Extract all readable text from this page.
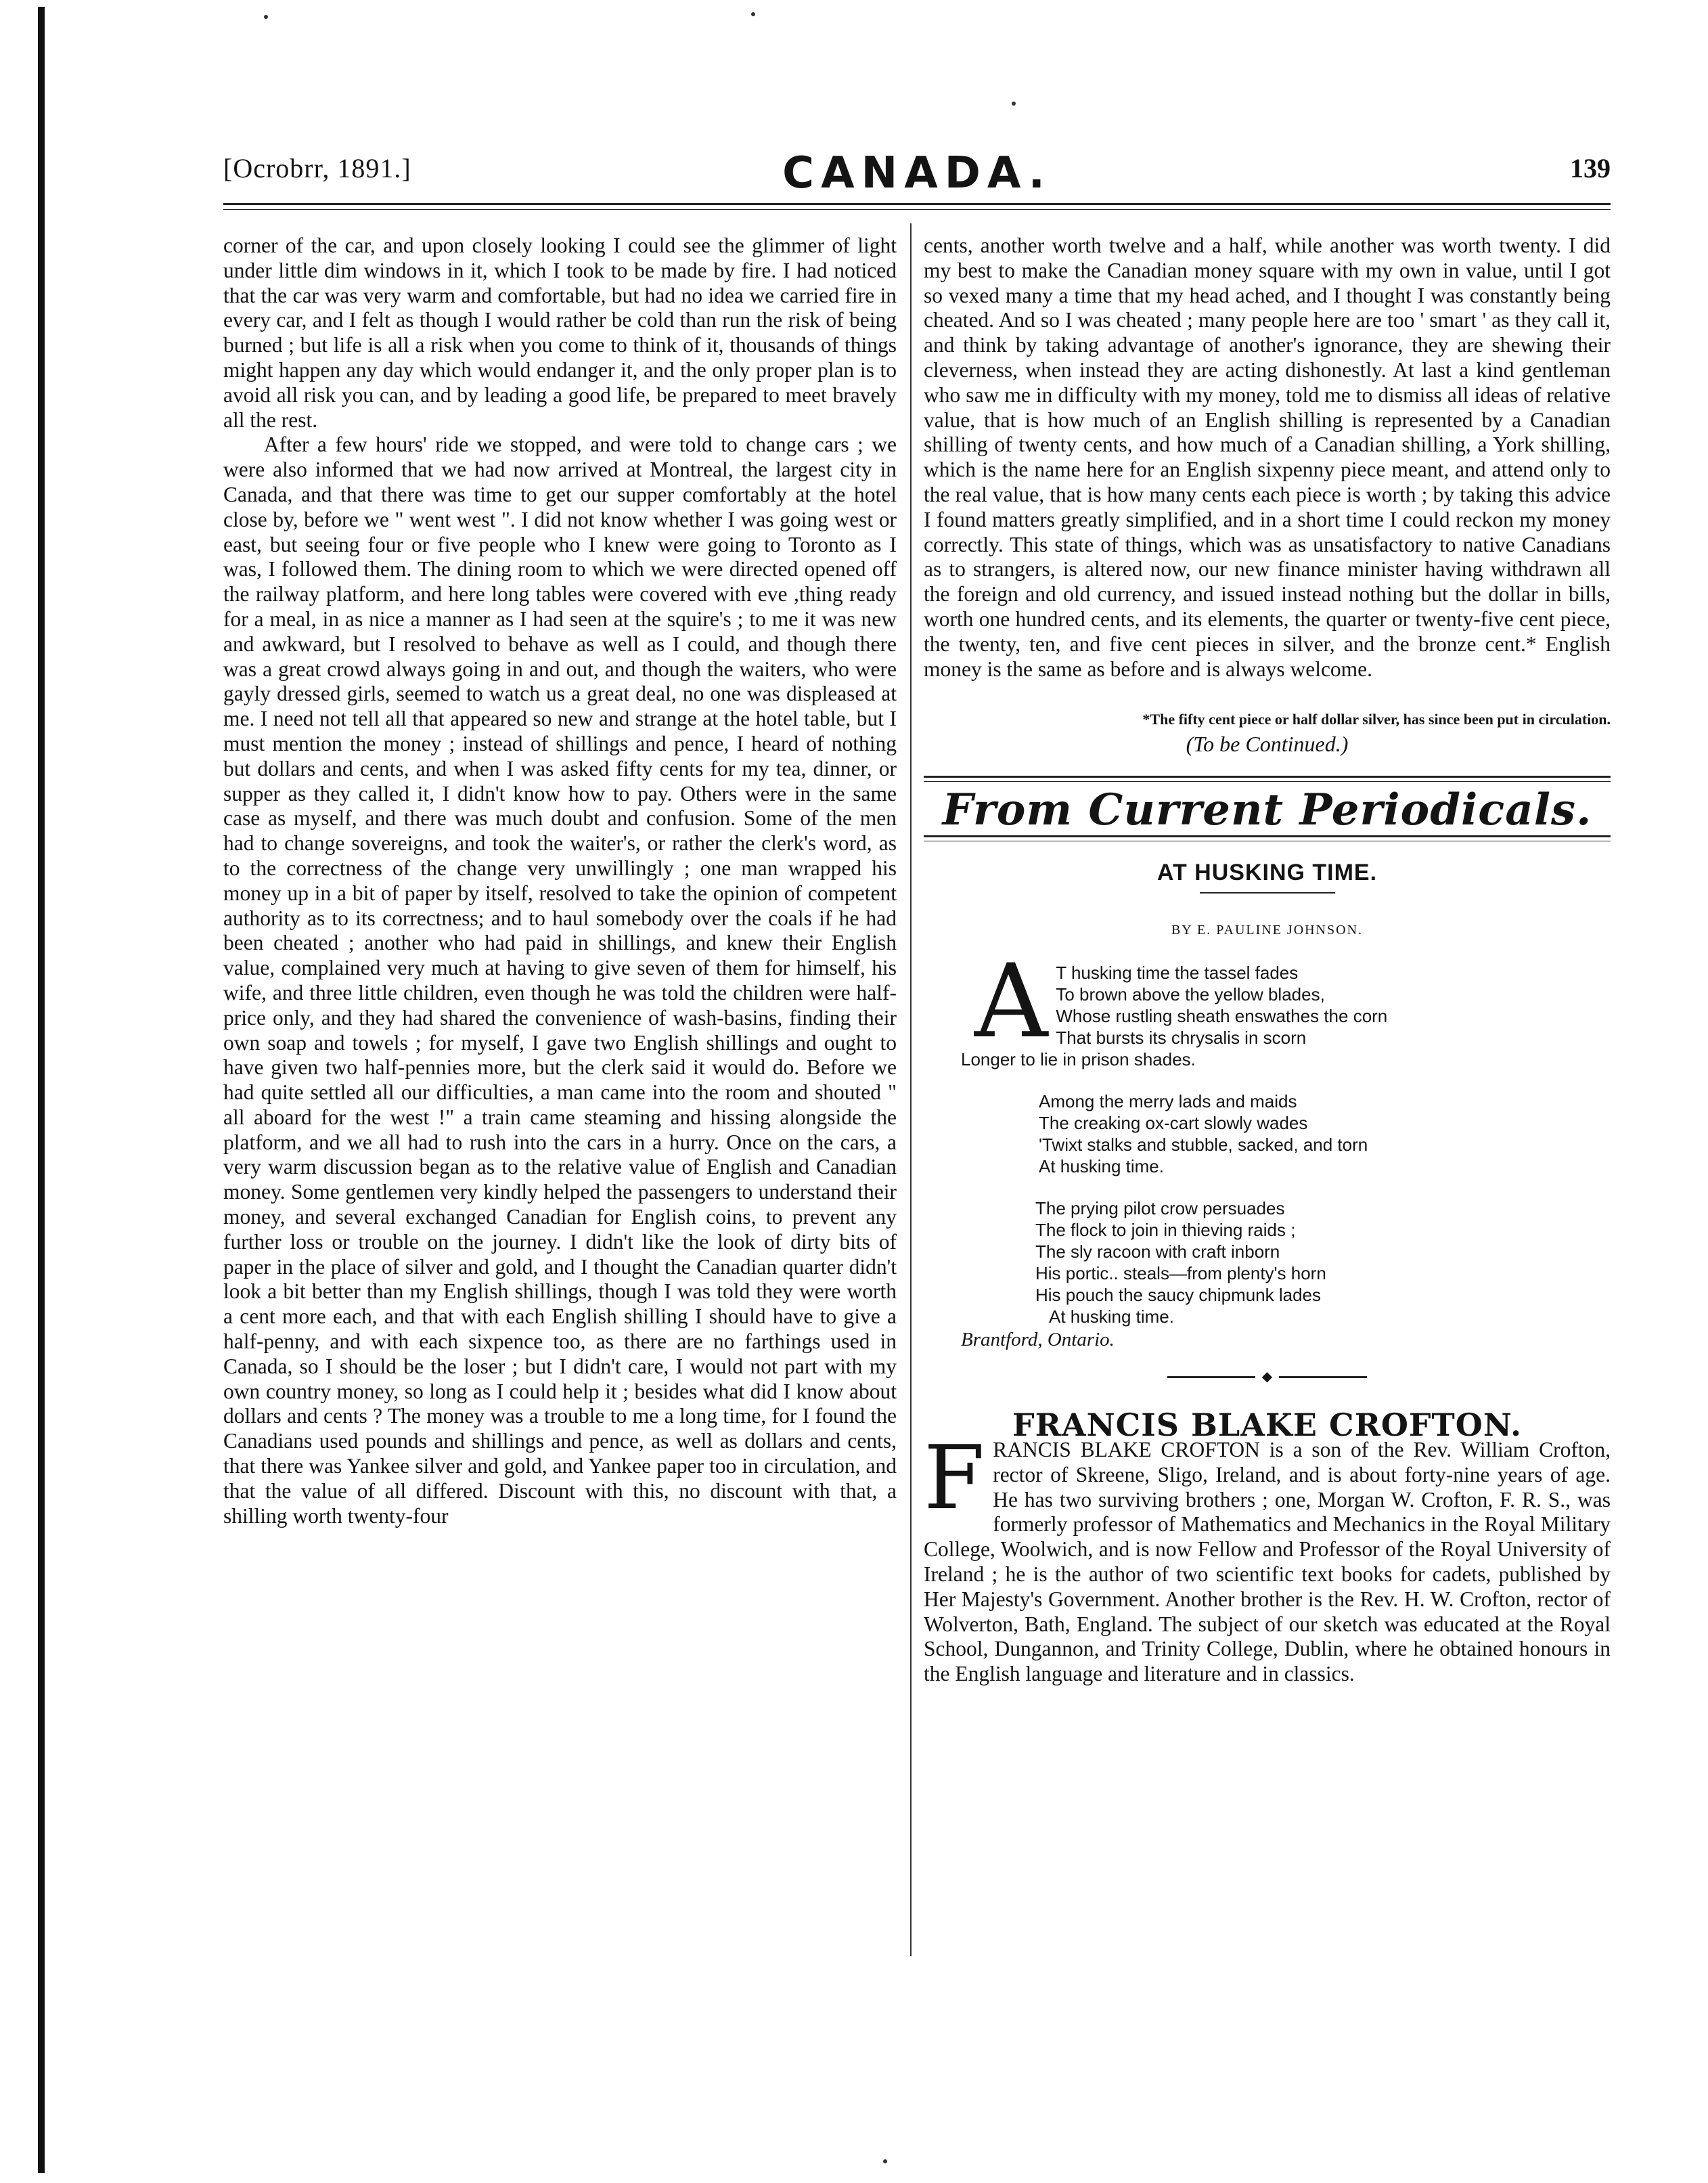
[Ocrobrr, 1891.]	CANADA.	139

corner of the car, and upon closely looking I could see the glimmer of light under little dim windows in it, which I took to be made by fire. I had noticed that the car was very warm and comfortable, but had no idea we carried fire in every car, and I felt as though I would rather be cold than run the risk of being burned ; but life is all a risk when you come to think of it, thousands of things might happen any day which would endanger it, and the only proper plan is to avoid all risk you can, and by leading a good life, be prepared to meet bravely all the rest.

After a few hours' ride we stopped, and were told to change cars ; we were also informed that we had now arrived at Montreal, the largest city in Canada, and that there was time to get our supper comfortably at the hotel close by, before we " went west ". I did not know whether I was going west or east, but seeing four or five people who I knew were going to Toronto as I was, I followed them. The dining room to which we were directed opened off the railway platform, and here long tables were covered with eve ,thing ready for a meal, in as nice a manner as I had seen at the squire's ; to me it was new and awkward, but I resolved to behave as well as I could, and though there was a great crowd always going in and out, and though the waiters, who were gayly dressed girls, seemed to watch us a great deal, no one was displeased at me. I need not tell all that appeared so new and strange at the hotel table, but I must mention the money ; instead of shillings and pence, I heard of nothing but dollars and cents, and when I was asked fifty cents for my tea, dinner, or supper as they called it, I didn't know how to pay. Others were in the same case as myself, and there was much doubt and confusion. Some of the men had to change sovereigns, and took the waiter's, or rather the clerk's word, as to the correctness of the change very unwillingly ; one man wrapped his money up in a bit of paper by itself, resolved to take the opinion of competent authority as to its correctness; and to haul somebody over the coals if he had been cheated ; another who had paid in shillings, and knew their English value, complained very much at having to give seven of them for himself, his wife, and three little children, even though he was told the children were half-price only, and they had shared the convenience of wash-basins, finding their own soap and towels ; for myself, I gave two English shillings and ought to have given two half-pennies more, but the clerk said it would do. Before we had quite settled all our difficulties, a man came into the room and shouted " all aboard for the west !" a train came steaming and hissing alongside the platform, and we all had to rush into the cars in a hurry. Once on the cars, a very warm discussion began as to the relative value of English and Canadian money. Some gentlemen very kindly helped the passengers to understand their money, and several exchanged Canadian for English coins, to prevent any further loss or trouble on the journey. I didn't like the look of dirty bits of paper in the place of silver and gold, and I thought the Canadian quarter didn't look a bit better than my English shillings, though I was told they were worth a cent more each, and that with each English shilling I should have to give a half-penny, and with each sixpence too, as there are no farthings used in Canada, so I should be the loser ; but I didn't care, I would not part with my own country money, so long as I could help it ; besides what did I know about dollars and cents ? The money was a trouble to me a long time, for I found the Canadians used pounds and shillings and pence, as well as dollars and cents, that there was Yankee silver and gold, and Yankee paper too in circulation, and that the value of all differed. Discount with this, no discount with that, a shilling worth twenty-four

cents, another worth twelve and a half, while another was worth twenty. I did my best to make the Canadian money square with my own in value, until I got so vexed many a time that my head ached, and I thought I was constantly being cheated. And so I was cheated ; many people here are too ' smart ' as they call it, and think by taking advantage of another's ignorance, they are shewing their cleverness, when instead they are acting dishonestly. At last a kind gentleman who saw me in difficulty with my money, told me to dismiss all ideas of relative value, that is how much of an English shilling is represented by a Canadian shilling of twenty cents, and how much of a Canadian shilling, a York shilling, which is the name here for an English sixpenny piece meant, and attend only to the real value, that is how many cents each piece is worth ; by taking this advice I found matters greatly simplified, and in a short time I could reckon my money correctly. This state of things, which was as unsatisfactory to native Canadians as to strangers, is altered now, our new finance minister having withdrawn all the foreign and old currency, and issued instead nothing but the dollar in bills, worth one hundred cents, and its elements, the quarter or twenty-five cent piece, the twenty, ten, and five cent pieces in silver, and the bronze cent.* English money is the same as before and is always welcome.

*The fifty cent piece or half dollar silver, has since been put in circulation.
(To be Continued.)
From Current Periodicals.
AT HUSKING TIME.
BY E. PAULINE JOHNSON.
A T husking time the tassel fades
To brown above the yellow blades,
Whose rustling sheath enswathes the corn
That bursts its chrysalis in scorn
Longer to lie in prison shades.
Among the merry lads and maids
The creaking ox-cart slowly wades
'Twixt stalks and stubble, sacked, and torn
At husking time.
The prying pilot crow persuades
The flock to join in thieving raids ;
The sly racoon with craft inborn
His portic.. steals—from plenty's horn
His pouch the saucy chipmunk lades
At husking time.
Brantford, Ontario.
◆
FRANCIS BLAKE CROFTON.

F RANCIS BLAKE CROFTON is a son of the Rev. William Crofton, rector of Skreene, Sligo, Ireland, and is about forty-nine years of age. He has two surviving brothers ; one, Morgan W. Crofton, F. R. S., was formerly professor of Mathematics and Mechanics in the Royal Military College, Woolwich, and is now Fellow and Professor of the Royal University of Ireland ; he is the author of two scientific text books for cadets, published by Her Majesty's Government. Another brother is the Rev. H. W. Crofton, rector of Wolverton, Bath, England. The subject of our sketch was educated at the Royal School, Dungannon, and Trinity College, Dublin, where he obtained honours in the English language and literature and in classics.
